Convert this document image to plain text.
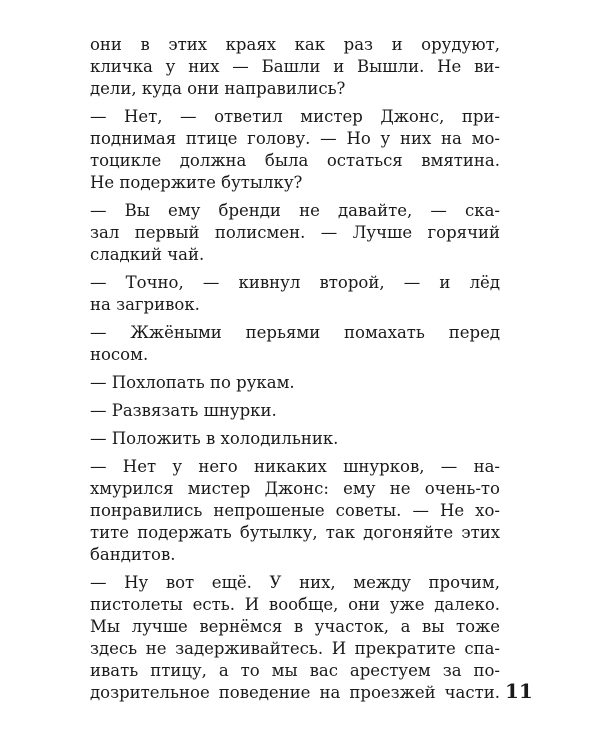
они в этих краях как раз и орудуют,
кличка у них — Башли и Вышли. Не ви-
дели, куда они направились?

— Нет, — ответил мистер Джонс, при-
поднимая птице голову. — Но у них на мо-
тоцикле должна была остаться вмятина.
Не подержите бутылку?

— Вы ему бренди не давайте, — ска-
зал первый полисмен. — Лучше горячий
сладкий чай.

— Точно, — кивнул второй, — и лёд
на загривок.

— Жжёными перьями помахать перед
носом.

— Похлопать по рукам.

— Развязать шнурки.

— Положить в холодильник.

— Нет у него никаких шнурков, — на-
хмурился мистер Джонс: ему не очень-то
понравились непрошеные советы. — Не хо-
тите подержать бутылку, так догоняйте этих
бандитов.

— Ну вот ещё. У них, между прочим,
пистолеты есть. И вообще, они уже далеко.
Мы лучше вернёмся в участок, а вы тоже
здесь не задерживайтесь. И прекратите спа-
ивать птицу, а то мы вас арестуем за по-
дозрительное поведение на проезжей части. 11
